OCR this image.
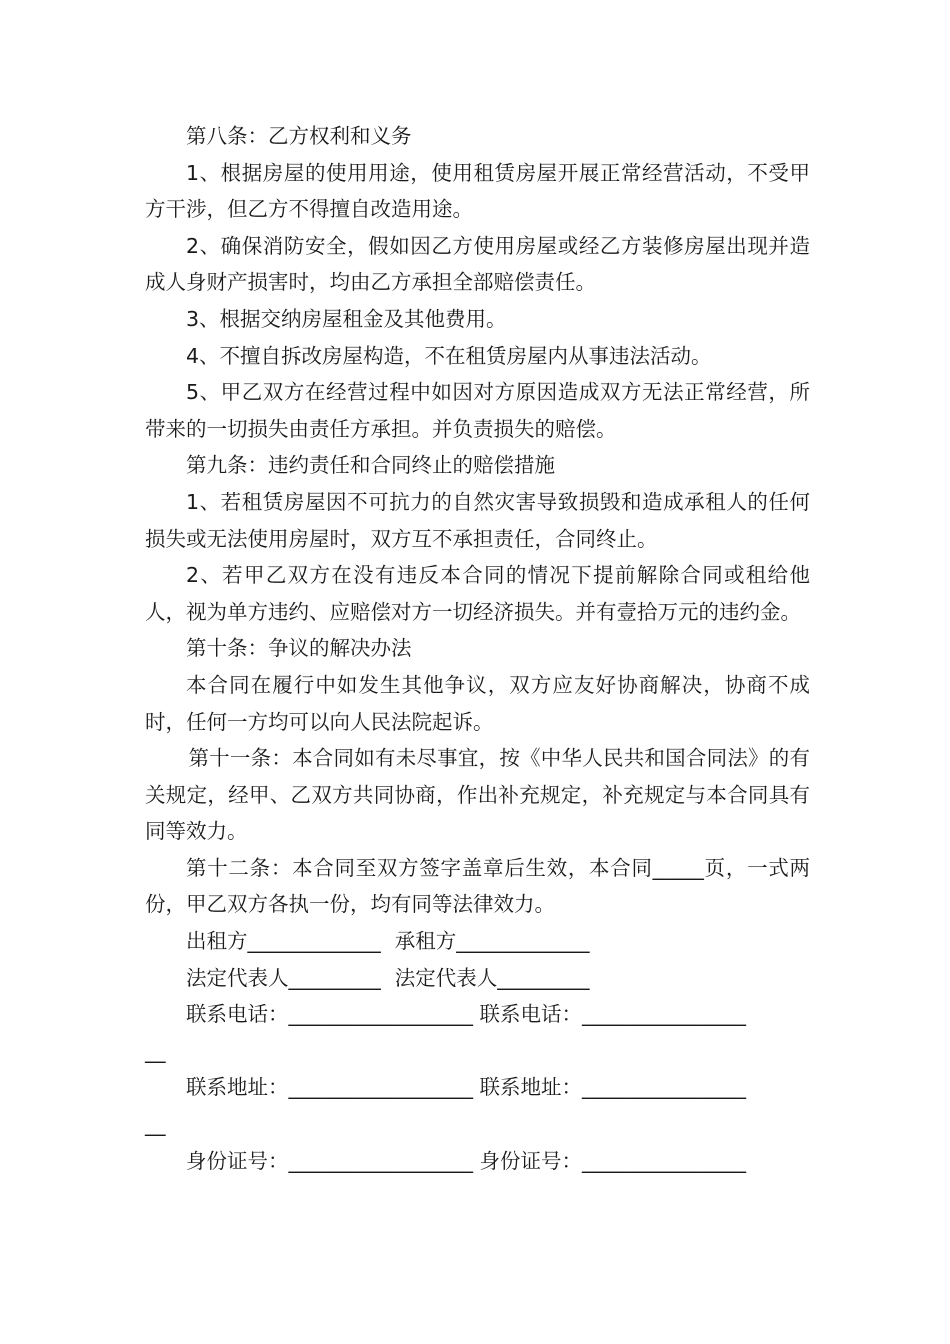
第八条：乙方权利和义务

1、根据房屋的使用用途，使用租赁房屋开展正常经营活动，不受甲方干涉，但乙方不得擅自改造用途。

2、确保消防安全，假如因乙方使用房屋或经乙方装修房屋出现并造成人身财产损害时，均由乙方承担全部赔偿责任。

3、根据交纳房屋租金及其他费用。

4、不擅自拆改房屋构造，不在租赁房屋内从事违法活动。

5、甲乙双方在经营过程中如因对方原因造成双方无法正常经营，所带来的一切损失由责任方承担。并负责损失的赔偿。

第九条：违约责任和合同终止的赔偿措施

1、若租赁房屋因不可抗力的自然灾害导致损毁和造成承租人的任何损失或无法使用房屋时，双方互不承担责任，合同终止。

2、若甲乙双方在没有违反本合同的情况下提前解除合同或租给他人，视为单方违约、应赔偿对方一切经济损失。并有壹拾万元的违约金。

第十条：争议的解决办法

本合同在履行中如发生其他争议，双方应友好协商解决，协商不成时，任何一方均可以向人民法院起诉。

第十一条：本合同如有未尽事宜，按《中华人民共和国合同法》的有关规定，经甲、乙双方共同协商，作出补充规定，补充规定与本合同具有同等效力。

第十二条：本合同至双方签字盖章后生效，本合同_____页，一式两份，甲乙双方各执一份，均有同等法律效力。

出租方_____________ 承租方_____________

法定代表人_________ 法定代表人_________

联系电话：__________________ 联系电话：________________
__
联系地址：__________________ 联系地址：________________
__
身份证号：__________________ 身份证号：________________
